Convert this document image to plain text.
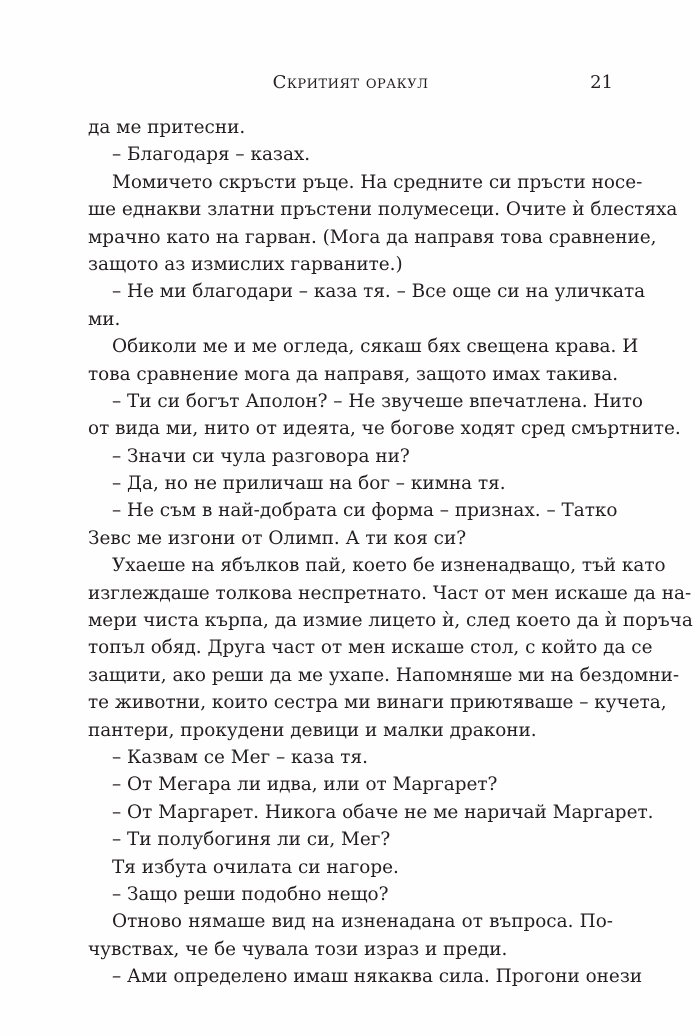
Скритият оракул	21
да ме притесни.
– Благодаря – казах.
Момичето скръсти ръце. На средните си пръсти носе-
ше еднакви златни пръстени полумесеци. Очите ѝ блестяха
мрачно като на гарван. (Мога да направя това сравнение,
защото аз измислих гарваните.)
– Не ми благодари – каза тя. – Все още си на уличката
ми.
Обиколи ме и ме огледа, сякаш бях свещена крава. И
това сравнение мога да направя, защото имах такива.
– Ти си богът Аполон? – Не звучеше впечатлена. Нито
от вида ми, нито от идеята, че богове ходят сред смъртните.
– Значи си чула разговора ни?
– Да, но не приличаш на бог – кимна тя.
– Не съм в най-добрата си форма – признах. – Татко
Зевс ме изгони от Олимп. А ти коя си?
Ухаеше на ябълков пай, което бе изненадващо, тъй като
изглеждаше толкова неспретнато. Част от мен искаше да на-
мери чиста кърпа, да измие лицето ѝ, след което да ѝ поръча
топъл обяд. Друга част от мен искаше стол, с който да се
защити, ако реши да ме ухапе. Напомняше ми на бездомни-
те животни, които сестра ми винаги приютяваше – кучета,
пантери, прокудени девици и малки дракони.
– Казвам се Мег – каза тя.
– От Мегара ли идва, или от Маргарет?
– От Маргарет. Никога обаче не ме наричай Маргарет.
– Ти полубогиня ли си, Мег?
Тя избута очилата си нагоре.
– Защо реши подобно нещо?
Отново нямаше вид на изненадана от въпроса. По-
чувствах, че бе чувала този израз и преди.
– Ами определено имаш някаква сила. Прогони онези
